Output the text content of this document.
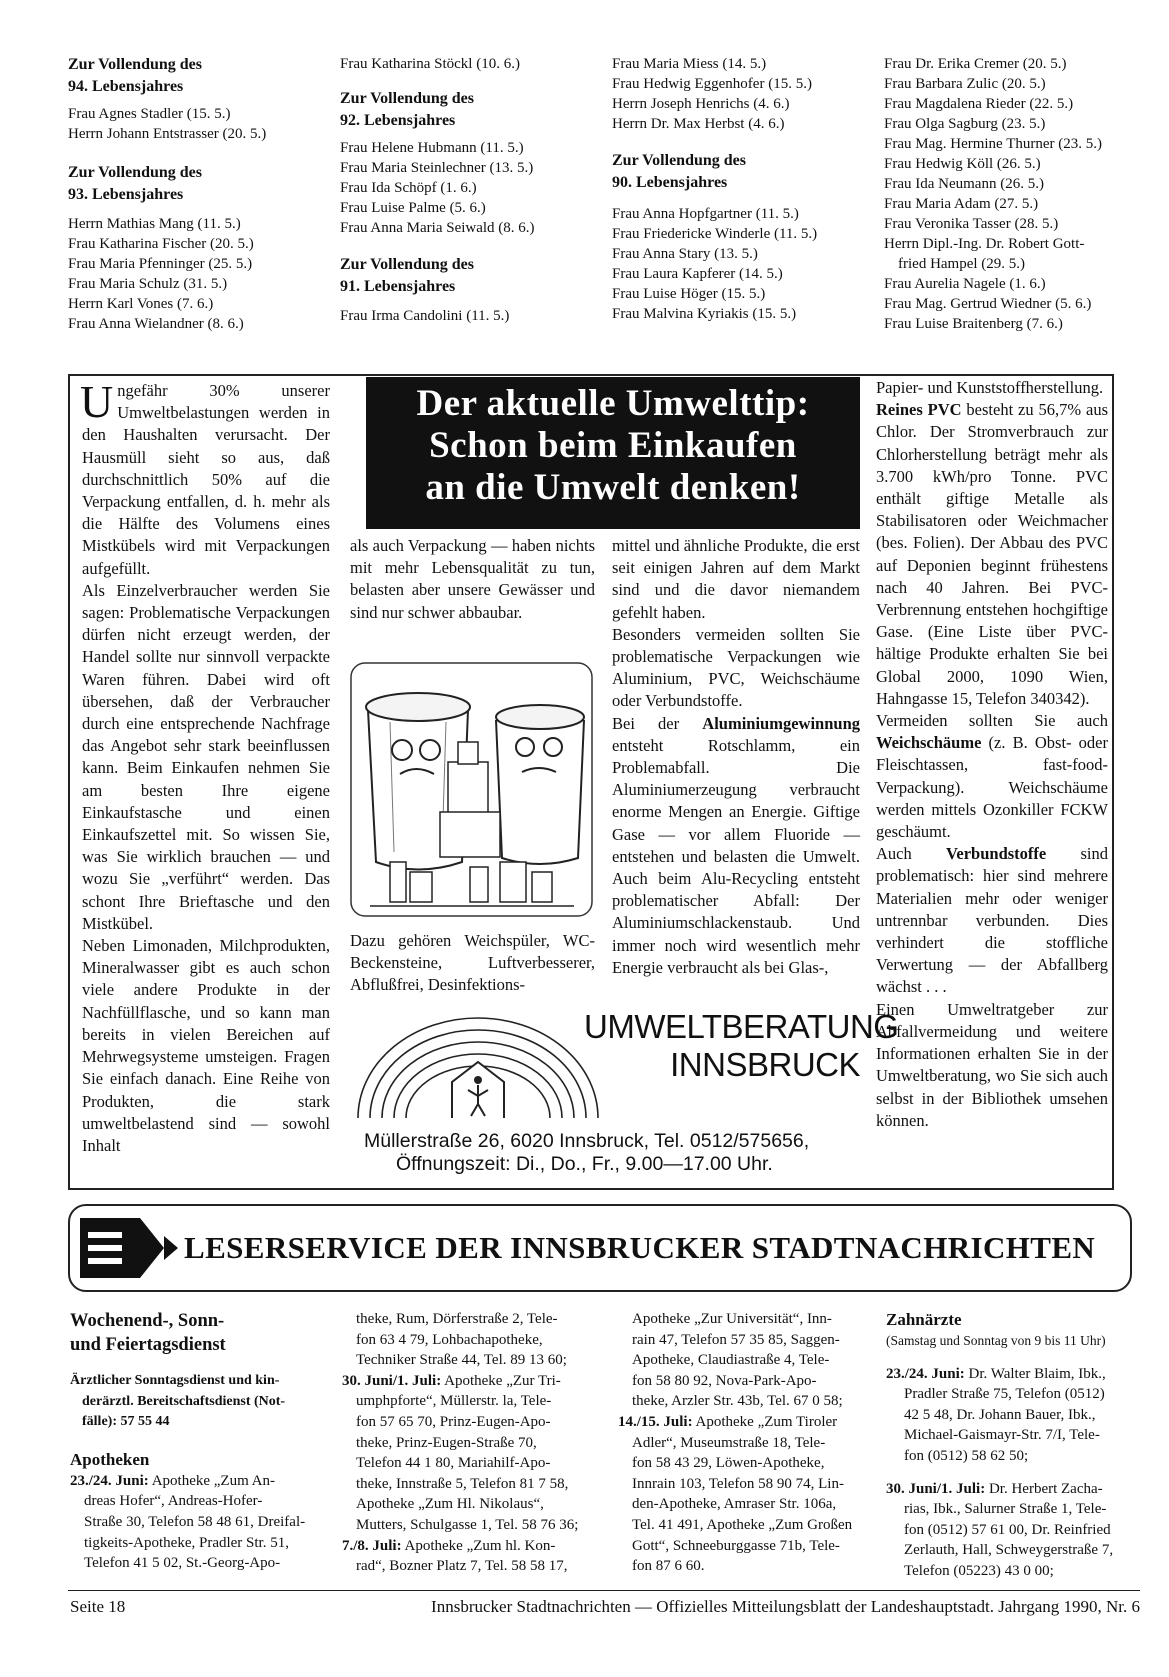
Zur Vollendung des
94. Lebensjahres

Frau Agnes Stadler (15. 5.)

Herrn Johann Entstrasser (20. 5.)

Zur Vollendung des
93. Lebensjahres

Herrn Mathias Mang (11. 5.)

Frau Katharina Fischer (20. 5.)

Frau Maria Pfenninger (25. 5.)

Frau Maria Schulz (31. 5.)

Herrn Karl Vones (7. 6.)

Frau Anna Wielandner (8. 6.)

Frau Katharina Stöckl (10. 6.)

Zur Vollendung des
92. Lebensjahres

Frau Helene Hubmann (11. 5.)

Frau Maria Steinlechner (13. 5.)

Frau Ida Schöpf (1. 6.)

Frau Luise Palme (5. 6.)

Frau Anna Maria Seiwald (8. 6.)

Zur Vollendung des
91. Lebensjahres

Frau Irma Candolini (11. 5.)

Frau Maria Miess (14. 5.)

Frau Hedwig Eggenhofer (15. 5.)

Herrn Joseph Henrichs (4. 6.)

Herrn Dr. Max Herbst (4. 6.)

Zur Vollendung des
90. Lebensjahres

Frau Anna Hopfgartner (11. 5.)

Frau Friedericke Winderle (11. 5.)

Frau Anna Stary (13. 5.)

Frau Laura Kapferer (14. 5.)

Frau Luise Höger (15. 5.)

Frau Malvina Kyriakis (15. 5.)

Frau Dr. Erika Cremer (20. 5.)

Frau Barbara Zulic (20. 5.)

Frau Magdalena Rieder (22. 5.)

Frau Olga Sagburg (23. 5.)

Frau Mag. Hermine Thurner (23. 5.)

Frau Hedwig Köll (26. 5.)

Frau Ida Neumann (26. 5.)

Frau Maria Adam (27. 5.)

Frau Veronika Tasser (28. 5.)

Herrn Dipl.-Ing. Dr. Robert Gott-

fried Hampel (29. 5.)

Frau Aurelia Nagele (1. 6.)

Frau Mag. Gertrud Wiedner (5. 6.)

Frau Luise Braitenberg (7. 6.)

Der aktuelle Umwelttip:
Schon beim Einkaufen
an die Umwelt denken!

Ungefähr 30% unserer Umweltbelastungen werden in den Haushalten verursacht. Der Hausmüll sieht so aus, daß durchschnittlich 50% auf die Verpackung entfallen, d. h. mehr als die Hälfte des Volumens eines Mistkübels wird mit Verpackungen aufgefüllt.

Als Einzelverbraucher werden Sie sagen: Problematische Verpackungen dürfen nicht erzeugt werden, der Handel sollte nur sinnvoll verpackte Waren führen. Dabei wird oft übersehen, daß der Verbraucher durch eine entsprechende Nachfrage das Angebot sehr stark beeinflussen kann. Beim Einkaufen nehmen Sie am besten Ihre eigene Einkaufstasche und einen Einkaufszettel mit. So wissen Sie, was Sie wirklich brauchen — und wozu Sie „verführt“ werden. Das schont Ihre Brieftasche und den Mistkübel.

Neben Limonaden, Milchprodukten, Mineralwasser gibt es auch schon viele andere Produkte in der Nachfüllflasche, und so kann man bereits in vielen Bereichen auf Mehrwegsysteme umsteigen. Fragen Sie einfach danach. Eine Reihe von Produkten, die stark umweltbelastend sind — sowohl Inhalt

als auch Verpackung — haben nichts mit mehr Lebensqualität zu tun, belasten aber unsere Gewässer und sind nur schwer abbaubar.

Dazu gehören Weichspüler, WC-Beckensteine, Luftverbesserer, Abflußfrei, Desinfektions-

mittel und ähnliche Produkte, die erst seit einigen Jahren auf dem Markt sind und die davor niemandem gefehlt haben.

Besonders vermeiden sollten Sie problematische Verpackungen wie Aluminium, PVC, Weichschäume oder Verbundstoffe.

Bei der Aluminiumgewinnung entsteht Rotschlamm, ein Problemabfall. Die Aluminiumerzeugung verbraucht enorme Mengen an Energie. Giftige Gase — vor allem Fluoride — entstehen und belasten die Umwelt. Auch beim Alu-Recycling entsteht problematischer Abfall: Der Aluminiumschlackenstaub. Und immer noch wird wesentlich mehr Energie verbraucht als bei Glas-,

Papier- und Kunststoffherstellung.

Reines PVC besteht zu 56,7% aus Chlor. Der Stromverbrauch zur Chlorherstellung beträgt mehr als 3.700 kWh/pro Tonne. PVC enthält giftige Metalle als Stabilisatoren oder Weichmacher (bes. Folien). Der Abbau des PVC auf Deponien beginnt frühestens nach 40 Jahren. Bei PVC-Verbrennung entstehen hochgiftige Gase. (Eine Liste über PVC-hältige Produkte erhalten Sie bei Global 2000, 1090 Wien, Hahngasse 15, Telefon 340342).

Vermeiden sollten Sie auch Weichschäume (z. B. Obst- oder Fleischtassen, fast-food-Verpackung). Weichschäume werden mittels Ozonkiller FCKW geschäumt.

Auch Verbundstoffe sind problematisch: hier sind mehrere Materialien mehr oder weniger untrennbar verbunden. Dies verhindert die stoffliche Verwertung — der Abfallberg wächst . . .

Einen Umweltratgeber zur Abfallvermeidung und weitere Informationen erhalten Sie in der Umweltberatung, wo Sie sich auch selbst in der Bibliothek umsehen können.

UMWELTBERATUNG
INNSBRUCK
Müllerstraße 26, 6020 Innsbruck, Tel. 0512/575656,
Öffnungszeit: Di., Do., Fr., 9.00—17.00 Uhr.
LESERSERVICE DER INNSBRUCKER STADTNACHRICHTEN

Wochenend-, Sonn-
und Feiertagsdienst

Ärztlicher Sonntagsdienst und kin-
derärztl. Bereitschaftsdienst (Not-
fälle): 57 55 44

Apotheken

23./24. Juni: Apotheke „Zum An-

dreas Hofer“, Andreas-Hofer-

Straße 30, Telefon 58 48 61, Dreifal-

tigkeits-Apotheke, Pradler Str. 51,

Telefon 41 5 02, St.-Georg-Apo-

theke, Rum, Dörferstraße 2, Tele-

fon 63 4 79, Lohbachapotheke,

Techniker Straße 44, Tel. 89 13 60;

30. Juni/1. Juli: Apotheke „Zur Tri-

umphpforte“, Müllerstr. la, Tele-

fon 57 65 70, Prinz-Eugen-Apo-

theke, Prinz-Eugen-Straße 70,

Telefon 44 1 80, Mariahilf-Apo-

theke, Innstraße 5, Telefon 81 7 58,

Apotheke „Zum Hl. Nikolaus“,

Mutters, Schulgasse 1, Tel. 58 76 36;

7./8. Juli: Apotheke „Zum hl. Kon-

rad“, Bozner Platz 7, Tel. 58 58 17,

Apotheke „Zur Universität“, Inn-

rain 47, Telefon 57 35 85, Saggen-

Apotheke, Claudiastraße 4, Tele-

fon 58 80 92, Nova-Park-Apo-

theke, Arzler Str. 43b, Tel. 67 0 58;

14./15. Juli: Apotheke „Zum Tiroler

Adler“, Museumstraße 18, Tele-

fon 58 43 29, Löwen-Apotheke,

Innrain 103, Telefon 58 90 74, Lin-

den-Apotheke, Amraser Str. 106a,

Tel. 41 491, Apotheke „Zum Großen

Gott“, Schneeburggasse 71b, Tele-

fon 87 6 60.

Zahnärzte

(Samstag und Sonntag von 9 bis 11 Uhr)

23./24. Juni: Dr. Walter Blaim, Ibk.,

Pradler Straße 75, Telefon (0512)

42 5 48, Dr. Johann Bauer, Ibk.,

Michael-Gaismayr-Str. 7/I, Tele-

fon (0512) 58 62 50;

30. Juni/1. Juli: Dr. Herbert Zacha-

rias, Ibk., Salurner Straße 1, Tele-

fon (0512) 57 61 00, Dr. Reinfried

Zerlauth, Hall, Schweygerstraße 7,

Telefon (05223) 43 0 00;

Seite 18	Innsbrucker Stadtnachrichten — Offizielles Mitteilungsblatt der Landeshauptstadt. Jahrgang 1990, Nr. 6
